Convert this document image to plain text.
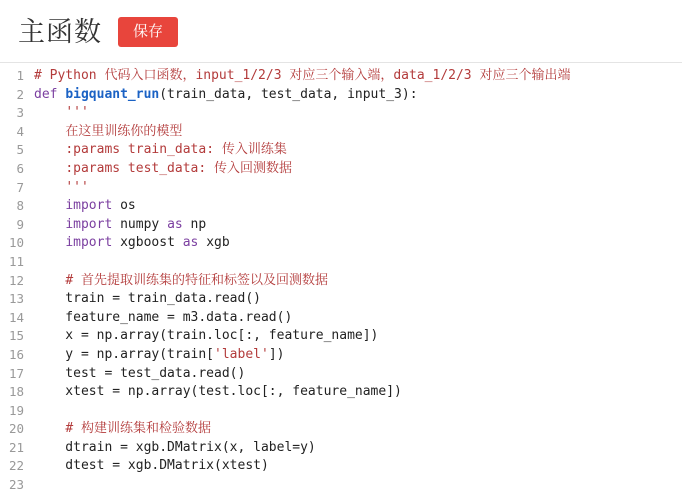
主函数	保存
1
2
3
4
5
6
7
8
9
10
11
12
13
14
15
16
17
18
19
20
21
22
23
# Python 代码入口函数，input_1/2/3 对应三个输入端，data_1/2/3 对应三个输出端
def bigquant_run(train_data, test_data, input_3):
'''
在这里训练你的模型
:params train_data: 传入训练集
:params test_data: 传入回测数据
'''
import os
import numpy as np
import xgboost as xgb

# 首先提取训练集的特征和标签以及回测数据
train = train_data.read()
feature_name = m3.data.read()
x = np.array(train.loc[:, feature_name])
y = np.array(train['label'])
test = test_data.read()
xtest = np.array(test.loc[:, feature_name])

# 构建训练集和检验数据
dtrain = xgb.DMatrix(x, label=y)
dtest = xgb.DMatrix(xtest)
